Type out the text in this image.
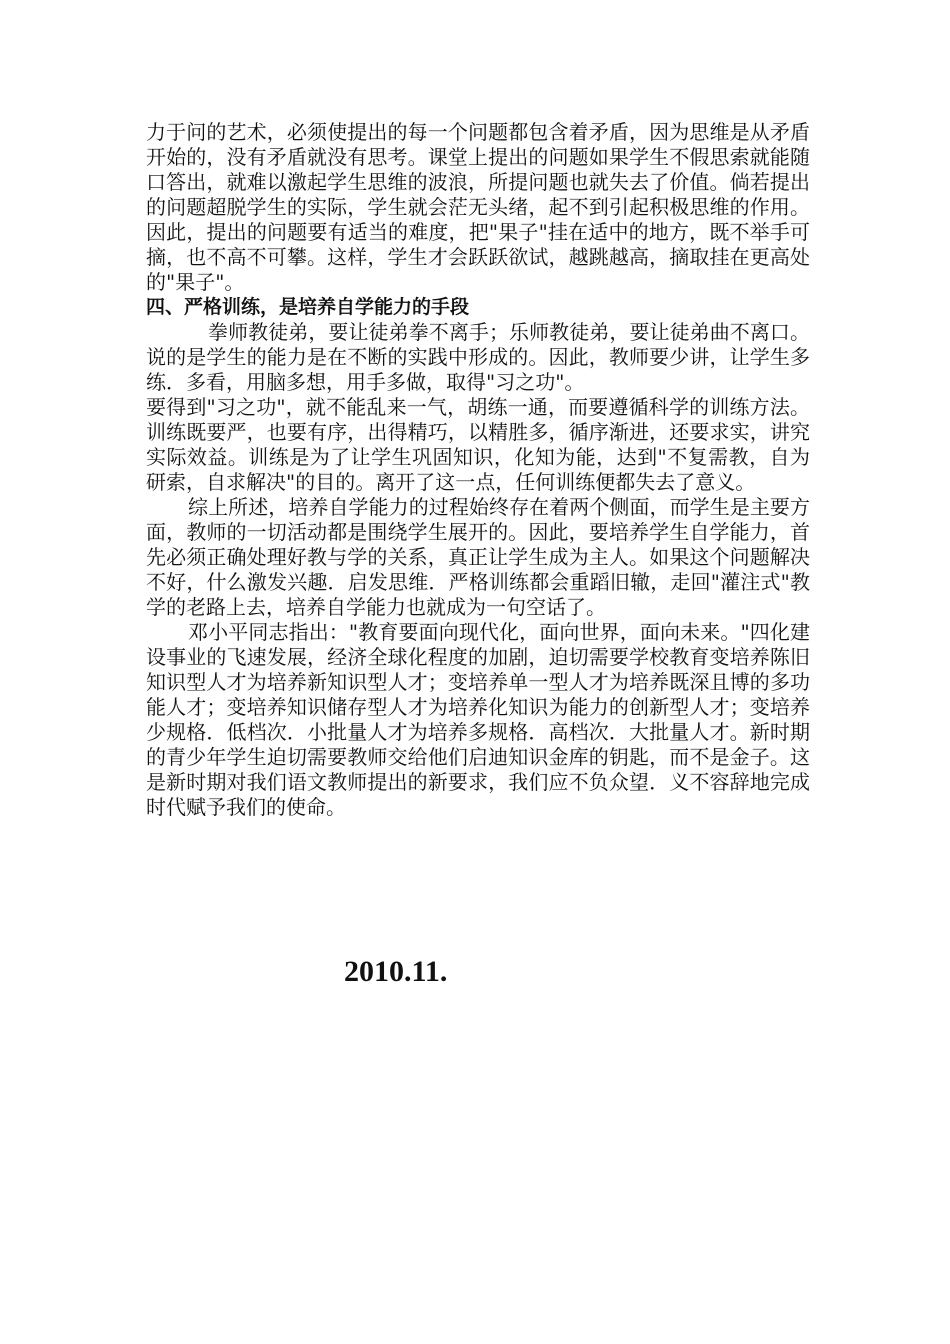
力于问的艺术，必须使提出的每一个问题都包含着矛盾，因为思维是从矛盾开始的，没有矛盾就没有思考。课堂上提出的问题如果学生不假思索就能随口答出，就难以激起学生思维的波浪，所提问题也就失去了价值。倘若提出的问题超脱学生的实际，学生就会茫无头绪，起不到引起积极思维的作用。因此，提出的问题要有适当的难度，把"果子"挂在适中的地方，既不举手可摘，也不高不可攀。这样，学生才会跃跃欲试，越跳越高，摘取挂在更高处的"果子"。

四、严格训练，是培养自学能力的手段

拳师教徒弟，要让徒弟拳不离手；乐师教徒弟，要让徒弟曲不离口。说的是学生的能力是在不断的实践中形成的。因此，教师要少讲，让学生多练．多看，用脑多想，用手多做，取得"习之功"。

要得到"习之功"，就不能乱来一气，胡练一通，而要遵循科学的训练方法。训练既要严，也要有序，出得精巧，以精胜多，循序渐进，还要求实，讲究实际效益。训练是为了让学生巩固知识，化知为能，达到"不复需教，自为研索，自求解决"的目的。离开了这一点，任何训练便都失去了意义。

综上所述，培养自学能力的过程始终存在着两个侧面，而学生是主要方面，教师的一切活动都是围绕学生展开的。因此，要培养学生自学能力，首先必须正确处理好教与学的关系，真正让学生成为主人。如果这个问题解决不好，什么激发兴趣．启发思维．严格训练都会重蹈旧辙，走回"灌注式"教学的老路上去，培养自学能力也就成为一句空话了。

邓小平同志指出："教育要面向现代化，面向世界，面向未来。"四化建设事业的飞速发展，经济全球化程度的加剧，迫切需要学校教育变培养陈旧知识型人才为培养新知识型人才；变培养单一型人才为培养既深且博的多功能人才；变培养知识储存型人才为培养化知识为能力的创新型人才；变培养少规格．低档次．小批量人才为培养多规格．高档次．大批量人才。新时期的青少年学生迫切需要教师交给他们启迪知识金库的钥匙，而不是金子。这是新时期对我们语文教师提出的新要求，我们应不负众望．义不容辞地完成时代赋予我们的使命。

2010.11.
